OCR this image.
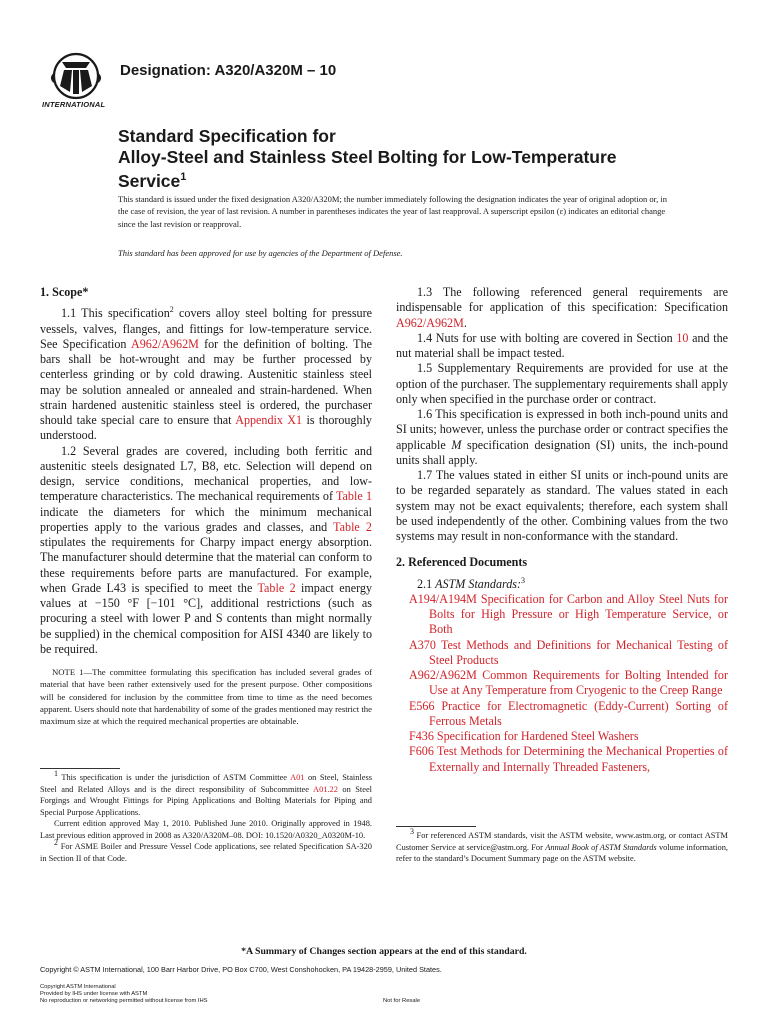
INTERNATIONAL
Designation: A320/A320M – 10
Standard Specification for
Alloy-Steel and Stainless Steel Bolting for Low-Temperature
Service$^1$
This standard is issued under the fixed designation A320/A320M; the number immediately following the designation indicates the year of original adoption or, in the case of revision, the year of last revision. A number in parentheses indicates the year of last reapproval. A superscript epsilon (ε) indicates an editorial change since the last revision or reapproval.
This standard has been approved for use by agencies of the Department of Defense.

1. Scope*

1.1 This specification$^2$ covers alloy steel bolting for pressure vessels, valves, flanges, and fittings for low-temperature service. See Specification A962/A962M for the definition of bolting. The bars shall be hot-wrought and may be further processed by centerless grinding or by cold drawing. Austenitic stainless steel may be solution annealed or annealed and strain-hardened. When strain hardened austenitic stainless steel is ordered, the purchaser should take special care to ensure that Appendix X1 is thoroughly understood.

1.2 Several grades are covered, including both ferritic and austenitic steels designated L7, B8, etc. Selection will depend on design, service conditions, mechanical properties, and low-temperature characteristics. The mechanical requirements of Table 1 indicate the diameters for which the minimum mechanical properties apply to the various grades and classes, and Table 2 stipulates the requirements for Charpy impact energy absorption. The manufacturer should determine that the material can conform to these requirements before parts are manufactured. For example, when Grade L43 is specified to meet the Table 2 impact energy values at −150 °F [−101 °C], additional restrictions (such as procuring a steel with lower P and S contents than might normally be supplied) in the chemical composition for AISI 4340 are likely to be required.

NOTE 1—The committee formulating this specification has included several grades of material that have been rather extensively used for the present purpose. Other compositions will be considered for inclusion by the committee from time to time as the need becomes apparent. Users should note that hardenability of some of the grades mentioned may restrict the maximum size at which the required mechanical properties are obtainable.

1 This specification is under the jurisdiction of ASTM Committee A01 on Steel, Stainless Steel and Related Alloys and is the direct responsibility of Subcommittee A01.22 on Steel Forgings and Wrought Fittings for Piping Applications and Bolting Materials for Piping and Special Purpose Applications.

Current edition approved May 1, 2010. Published June 2010. Originally approved in 1948. Last previous edition approved in 2008 as A320/A320M–08. DOI: 10.1520/A0320_A0320M-10.

2 For ASME Boiler and Pressure Vessel Code applications, see related Specification SA-320 in Section II of that Code.

1.3 The following referenced general requirements are indispensable for application of this specification: Specification A962/A962M.

1.4 Nuts for use with bolting are covered in Section 10 and the nut material shall be impact tested.

1.5 Supplementary Requirements are provided for use at the option of the purchaser. The supplementary requirements shall apply only when specified in the purchase order or contract.

1.6 This specification is expressed in both inch-pound units and SI units; however, unless the purchase order or contract specifies the applicable M specification designation (SI) units, the inch-pound units shall apply.

1.7 The values stated in either SI units or inch-pound units are to be regarded separately as standard. The values stated in each system may not be exact equivalents; therefore, each system shall be used independently of the other. Combining values from the two systems may result in non-conformance with the standard.

2. Referenced Documents

2.1 ASTM Standards:$^3$

A194/A194M Specification for Carbon and Alloy Steel Nuts for Bolts for High Pressure or High Temperature Service, or Both

A370 Test Methods and Definitions for Mechanical Testing of Steel Products

A962/A962M Common Requirements for Bolting Intended for Use at Any Temperature from Cryogenic to the Creep Range

E566 Practice for Electromagnetic (Eddy-Current) Sorting of Ferrous Metals

F436 Specification for Hardened Steel Washers

F606 Test Methods for Determining the Mechanical Properties of Externally and Internally Threaded Fasteners,

3 For referenced ASTM standards, visit the ASTM website, www.astm.org, or contact ASTM Customer Service at service@astm.org. For Annual Book of ASTM Standards volume information, refer to the standard’s Document Summary page on the ASTM website.

*A Summary of Changes section appears at the end of this standard.
Copyright © ASTM International, 100 Barr Harbor Drive, PO Box C700, West Conshohocken, PA 19428-2959, United States.
Copyright ASTM International
Provided by IHS under license with ASTM
No reproduction or networking permitted without license from IHS	Not for Resale
